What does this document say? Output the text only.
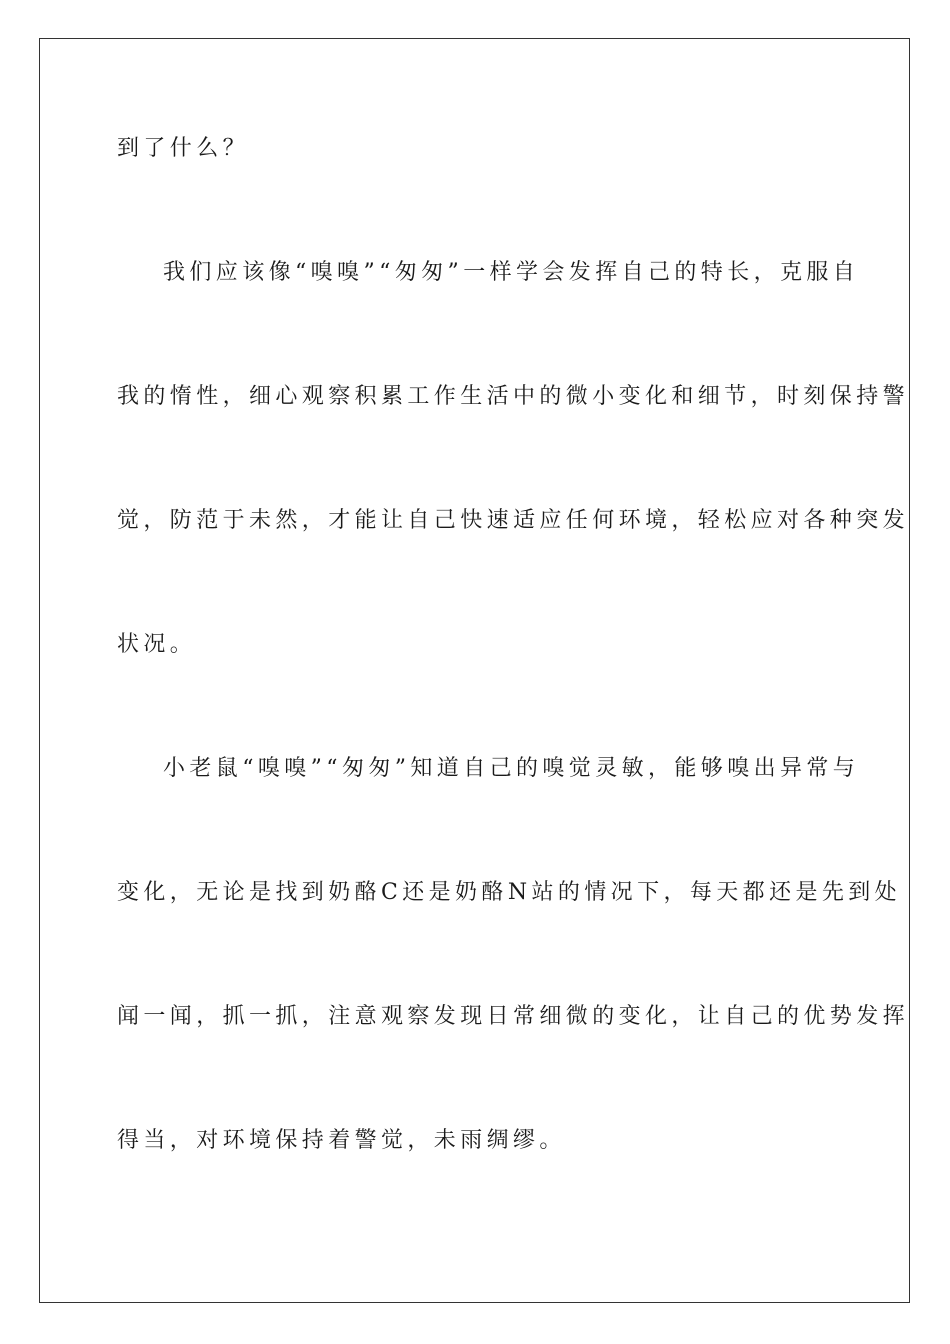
到了什么？
我们应该像“嗅嗅”“匆匆”一样学会发挥自己的特长，克服自
我的惰性，细心观察积累工作生活中的微小变化和细节，时刻保持警
觉，防范于未然，才能让自己快速适应任何环境，轻松应对各种突发
状况。
小老鼠“嗅嗅”“匆匆”知道自己的嗅觉灵敏，能够嗅出异常与
变化，无论是找到奶酪C还是奶酪N站的情况下，每天都还是先到处
闻一闻，抓一抓，注意观察发现日常细微的变化，让自己的优势发挥
得当，对环境保持着警觉，未雨绸缪。
